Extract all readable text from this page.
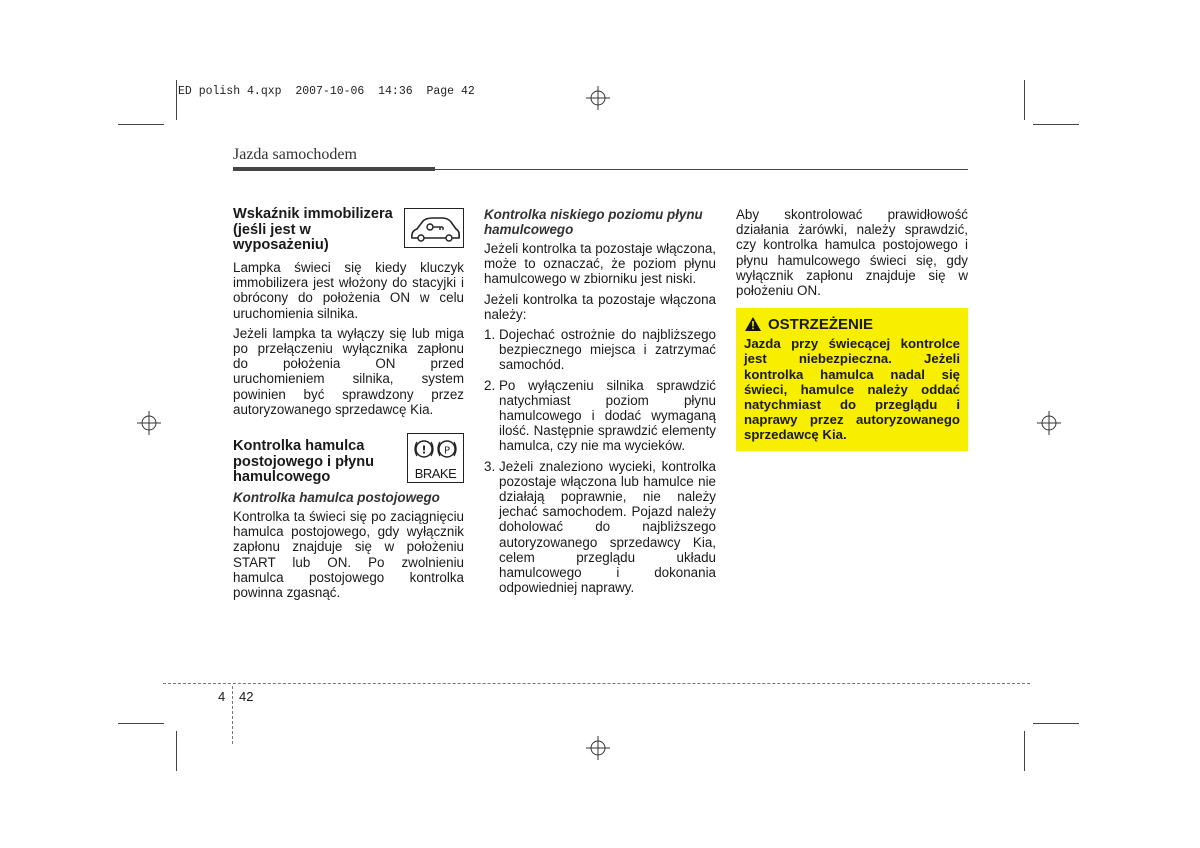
ED polish 4.qxp  2007-10-06  14:36  Page 42
Jazda samochodem
Wskaźnik immobilizera (jeśli jest w wyposażeniu)

Lampka świeci się kiedy kluczyk immobilizera jest włożony do stacyjki i obrócony do położenia ON w celu uruchomienia silnika.

Jeżeli lampka ta wyłączy się lub miga po przełączeniu wyłącznika zapłonu do położenia ON przed uruchomieniem silnika, system powinien być sprawdzony przez autoryzowanego sprzedawcę Kia.

Kontrolka hamulca postojowego i płynu hamulcowego
! P
BRAKE
Kontrolka hamulca postojowego

Kontrolka ta świeci się po zaciągnięciu hamulca postojowego, gdy wyłącznik zapłonu znajduje się w położeniu START lub ON. Po zwolnieniu hamulca postojowego kontrolka powinna zgasnąć.

Kontrolka niskiego poziomu płynu hamulcowego

Jeżeli kontrolka ta pozostaje włączona, może to oznaczać, że poziom płynu hamulcowego w zbiorniku jest niski.

Jeżeli kontrolka ta pozostaje włączona należy:

1. Dojechać ostrożnie do najbliższego bezpiecznego miejsca i zatrzymać samochód.
2. Po wyłączeniu silnika sprawdzić natychmiast poziom płynu hamulcowego i dodać wymaganą ilość. Następnie sprawdzić elementy hamulca, czy nie ma wycieków.
3. Jeżeli znaleziono wycieki, kontrolka pozostaje włączona lub hamulce nie działają poprawnie, nie należy jechać samochodem. Pojazd należy doholować do najbliższego autoryzowanego sprzedawcy Kia, celem przeglądu układu hamulcowego i dokonania odpowiedniej naprawy.

Aby skontrolować prawidłowość działania żarówki, należy sprawdzić, czy kontrolka hamulca postojowego i płynu hamulcowego świeci się, gdy wyłącznik zapłonu znajduje się w położeniu ON.

OSTRZEŻENIE
Jazda przy świecącej kontrolce jest niebezpieczna. Jeżeli kontrolka hamulca nadal się świeci, hamulce należy oddać natychmiast do przeglądu i naprawy przez autoryzowanego sprzedawcę Kia.
4 42
